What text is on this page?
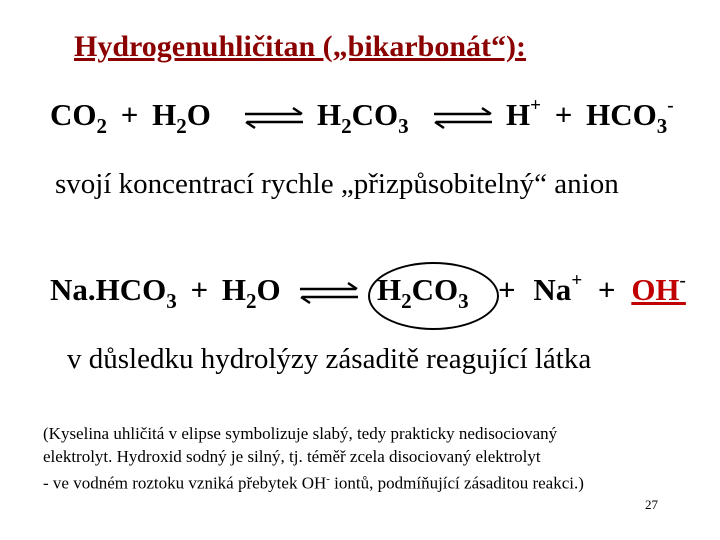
Hydrogenuhličitan („bikarbonát“):
$CO_2 + H_2O$ ⇌ $H_2CO_3$ ⇌ $H^+ + HCO_3^-$
svojí koncentrací rychle „přizpůsobitelný“ anion
$Na.HCO_3 + H_2O$ ⇌ $H_2CO_3 + Na^+ + OH^-$
v důsledku hydrolýzy zásaditě reagující látka
(Kyselina uhličitá v elipse symbolizuje slabý, tedy prakticky nedisociovaný
elektrolyt. Hydroxid sodný je silný, tj. téměř zcela disociovaný elektrolyt
- ve vodném roztoku vzniká přebytek OH- iontů, podmíňující zásaditou reakci.)
27
